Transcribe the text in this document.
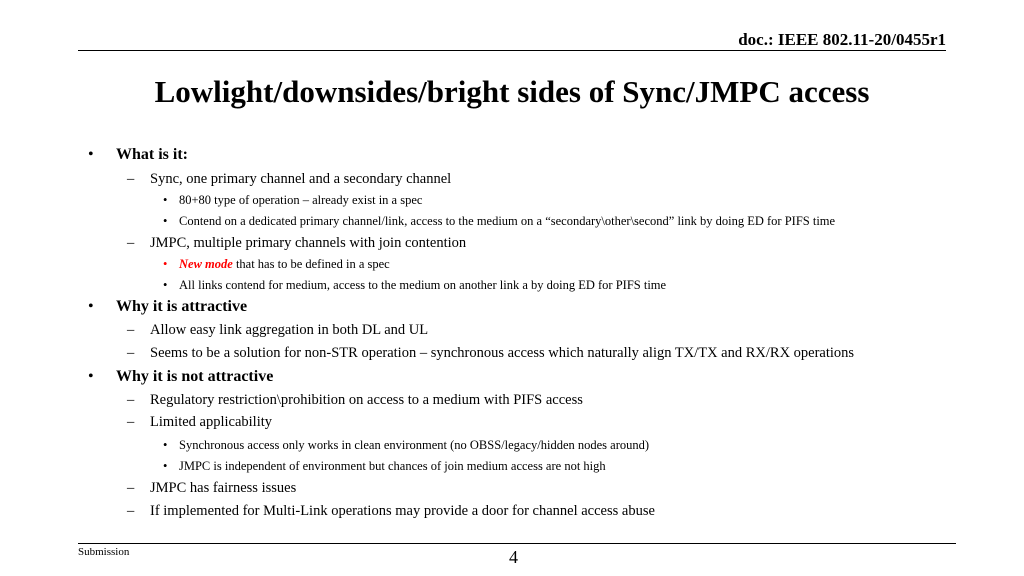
doc.: IEEE 802.11-20/0455r1
Lowlight/downsides/bright sides of Sync/JMPC access
• What is it:
– Sync, one primary channel and a secondary channel
• 80+80 type of operation – already exist in a spec
• Contend on a dedicated primary channel/link, access to the medium on a “secondary\other\second” link by doing ED for PIFS time
– JMPC, multiple primary channels with join contention
• New mode that has to be defined in a spec
• All links contend for medium, access to the medium on another link a by doing ED for PIFS time
• Why it is attractive
– Allow easy link aggregation in both DL and UL
– Seems to be a solution for non-STR operation – synchronous access which naturally align TX/TX and RX/RX operations
• Why it is not attractive
– Regulatory restriction\prohibition on access to a medium with PIFS access
– Limited applicability
• Synchronous access only works in clean environment (no OBSS/legacy/hidden nodes around)
• JMPC is independent of environment but chances of join medium access are not high
– JMPC has fairness issues
– If implemented for Multi-Link operations may provide a door for channel access abuse
Submission	4
